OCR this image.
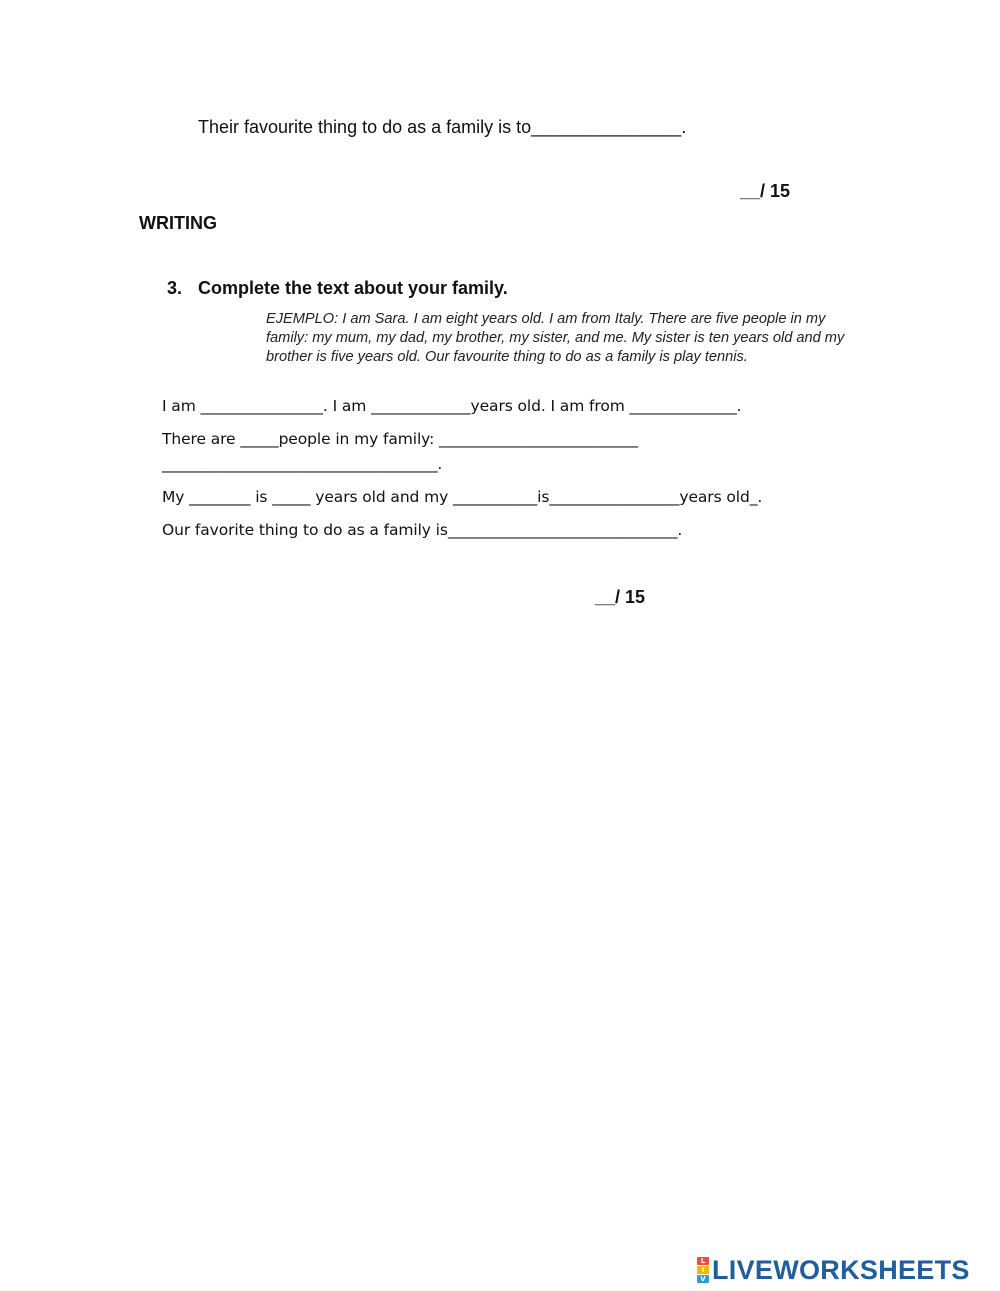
Their favourite thing to do as a family is to_______________.
__/ 15
WRITING
3. Complete the text about your family.
EJEMPLO: I am Sara. I am eight years old. I am from Italy. There are five people in my family: my mum, my dad, my brother, my sister, and me. My sister is ten years old and my brother is five years old. Our favourite thing to do as a family is play tennis.
I am ________________. I am _____________years old. I am from ______________.
There are _____people in my family: __________________________
____________________________________.
My ________ is _____ years old and my ___________is_________________years old_.
Our favorite thing to do as a family is______________________________.
__/ 15
L
I
V LIVEWORKSHEETS
